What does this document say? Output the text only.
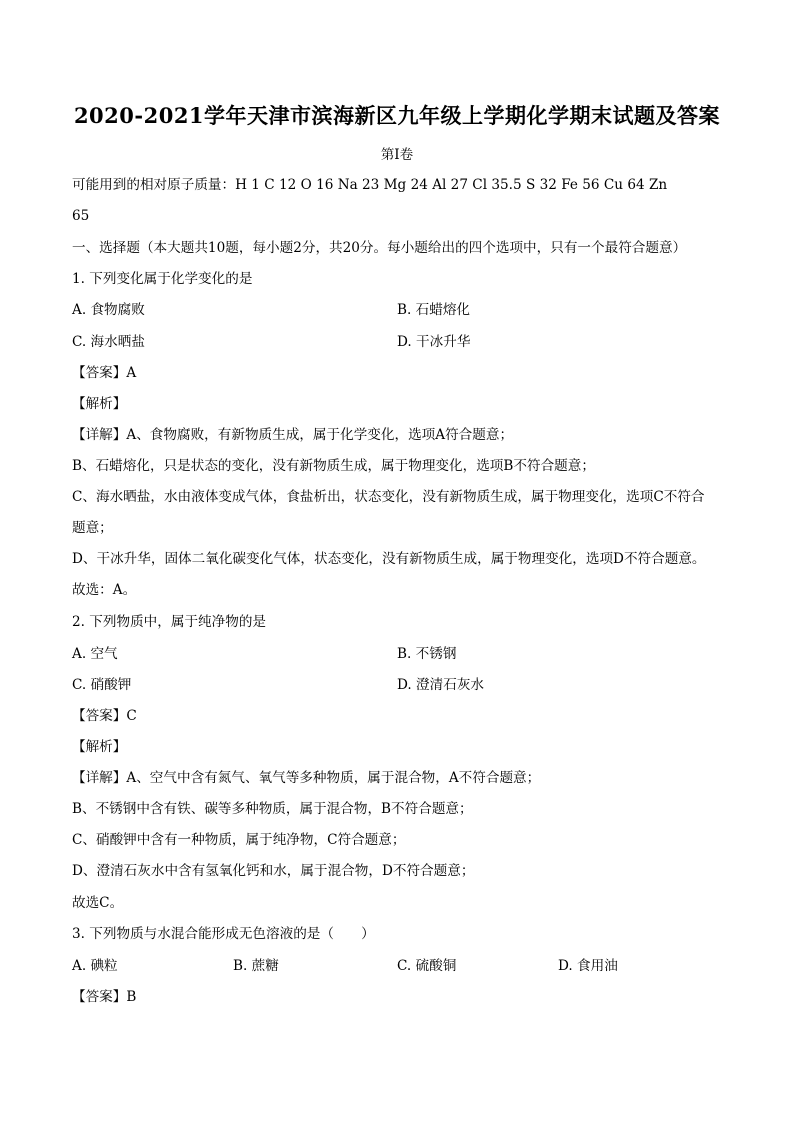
2020-2021学年天津市滨海新区九年级上学期化学期末试题及答案
第I卷
可能用到的相对原子质量：H 1 C 12 O 16 Na 23 Mg 24 Al 27 Cl 35.5 S 32 Fe 56 Cu 64 Zn
65
一、选择题（本大题共10题，每小题2分，共20分。每小题给出的四个选项中，只有一个最符合题意）
1. 下列变化属于化学变化的是
A. 食物腐败	B. 石蜡熔化
C. 海水晒盐	D. 干冰升华
【答案】A
【解析】
【详解】A、食物腐败，有新物质生成，属于化学变化，选项A符合题意；
B、石蜡熔化，只是状态的变化，没有新物质生成，属于物理变化，选项B不符合题意；
C、海水晒盐，水由液体变成气体，食盐析出，状态变化，没有新物质生成，属于物理变化，选项C不符合
题意；
D、干冰升华，固体二氧化碳变化气体，状态变化，没有新物质生成，属于物理变化，选项D不符合题意。
故选：A。
2. 下列物质中，属于纯净物的是
A. 空气	B. 不锈钢
C. 硝酸钾	D. 澄清石灰水
【答案】C
【解析】
【详解】A、空气中含有氮气、氧气等多种物质，属于混合物，A不符合题意；
B、不锈钢中含有铁、碳等多种物质，属于混合物，B不符合题意；
C、硝酸钾中含有一种物质，属于纯净物，C符合题意；
D、澄清石灰水中含有氢氧化钙和水，属于混合物，D不符合题意；
故选C。
3. 下列物质与水混合能形成无色溶液的是（　　）
A. 碘粒	B. 蔗糖	C. 硫酸铜	D. 食用油
【答案】B
